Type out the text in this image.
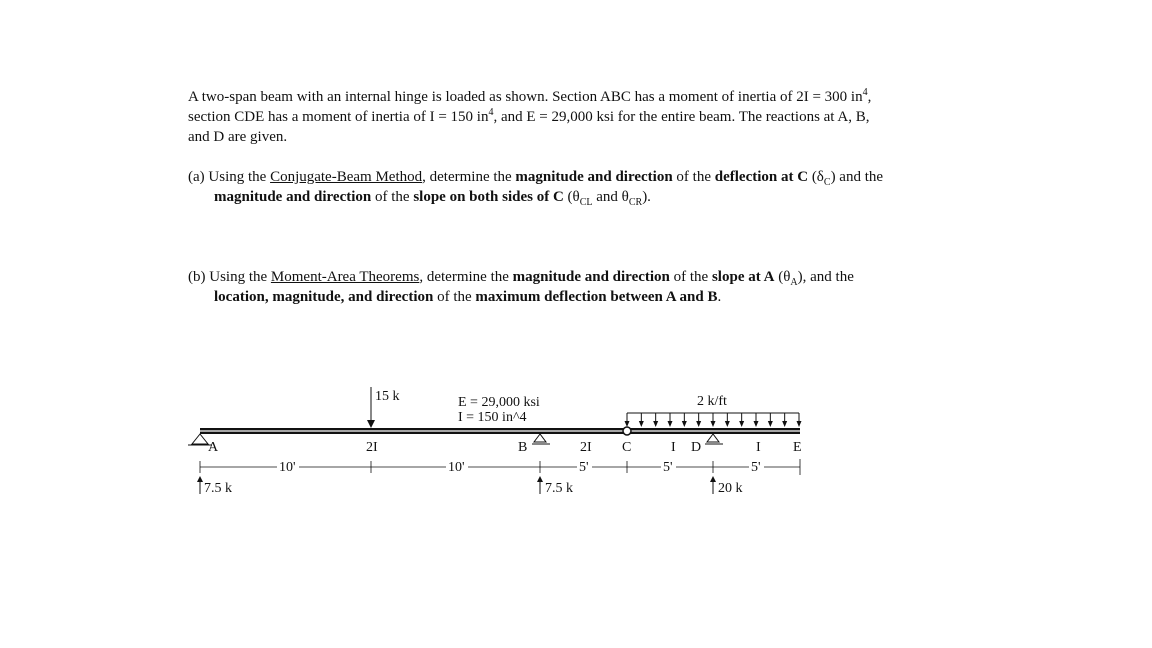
A two-span beam with an internal hinge is loaded as shown. Section ABC has a moment of inertia of 2I = 300 $in^4$, section CDE has a moment of inertia of I = 150 $in^4$, and E = 29,000 ksi for the entire beam. The reactions at A, B, and D are given.
(a) Using the Conjugate-Beam Method, determine the magnitude and direction of the deflection at C $(\delta_C)$ and the magnitude and direction of the slope on both sides of C ($\theta_{CL}$ and $\theta_{CR}$).
(b) Using the Moment-Area Theorems, determine the magnitude and direction of the slope at A $(\theta_A)$, and the location, magnitude, and direction of the maximum deflection between A and B.
15 k	E = 29,000 ksi
I = 150 in^4
2 k/ft
A	2I	B	2I C	I D	I E
10'	10'	5'	5'	5'
7.5 k	7.5 k	20 k
